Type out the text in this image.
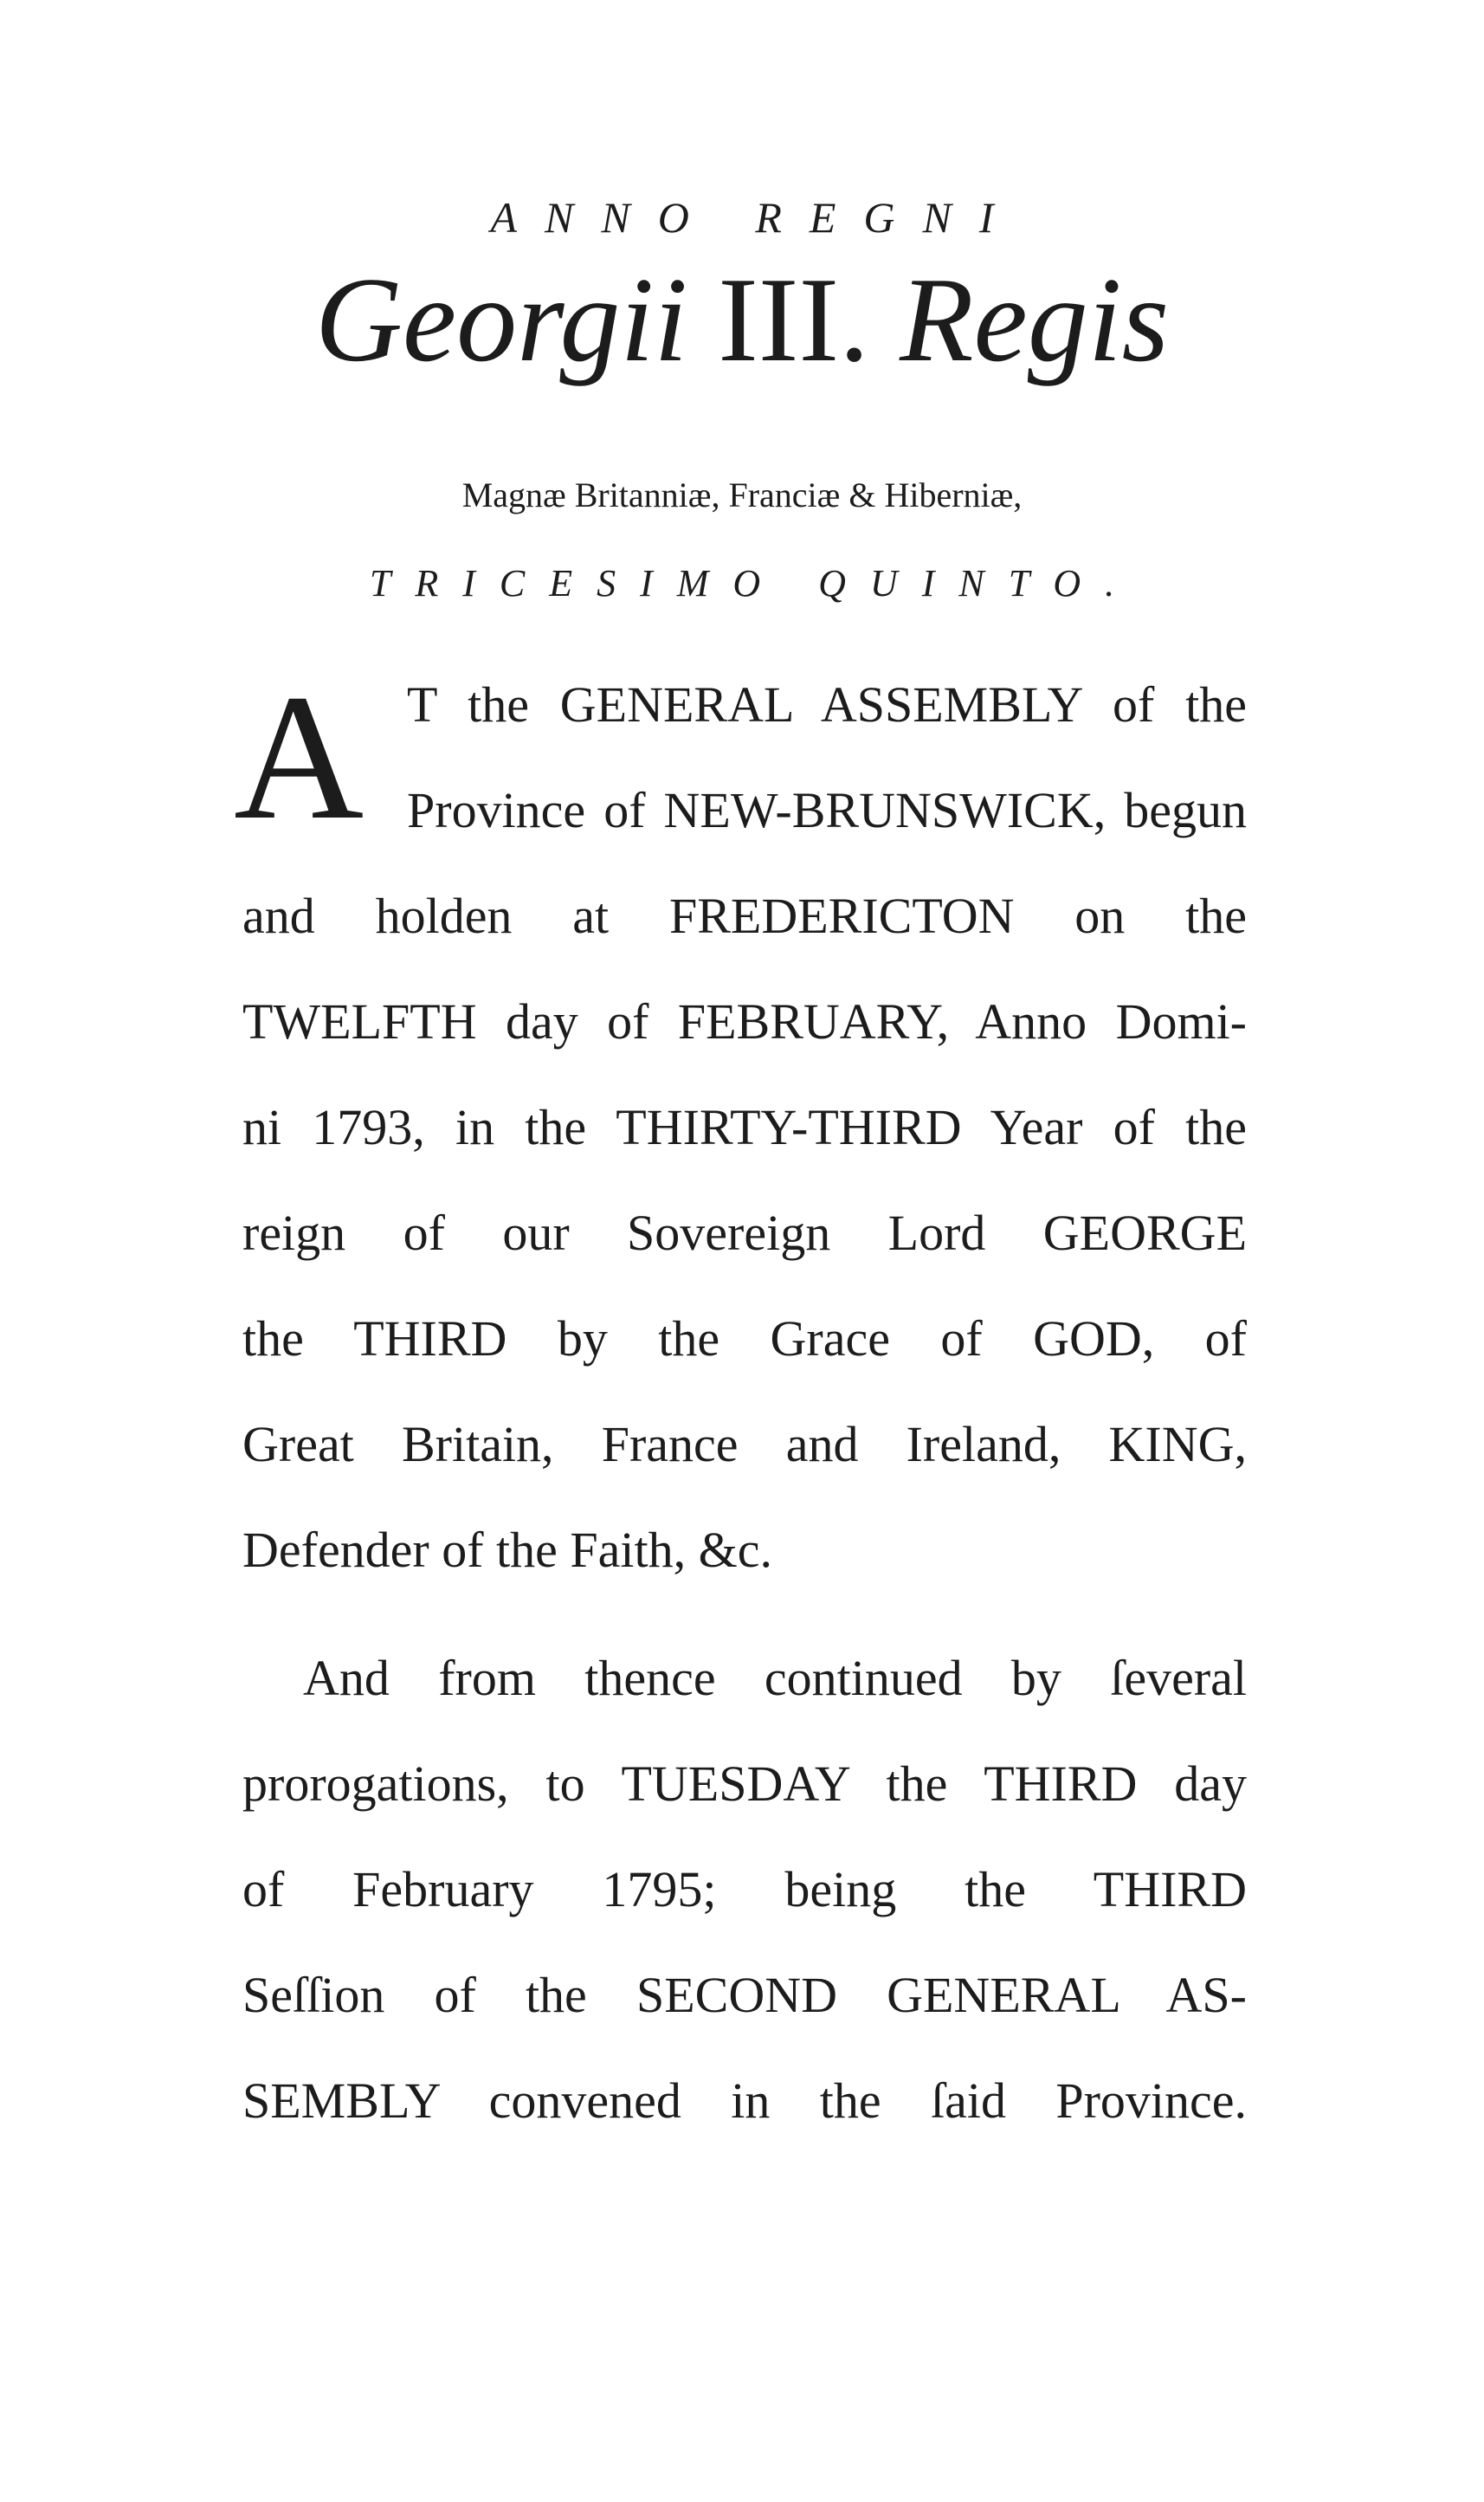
ANNO REGNI
Georgii III. Regis
Magnæ Britanniæ, Franciæ & Hiberniæ,
TRICESIMO QUINTO.
A T the GENERAL ASSEMBLY of the
Province of NEW-BRUNSWICK, begun
and holden at FREDERICTON on the
TWELFTH day of FEBRUARY, Anno Domi-
ni 1793, in the THIRTY-THIRD Year of the
reign of our Sovereign Lord GEORGE
the THIRD by the Grace of GOD, of
Great Britain, France and Ireland, KING,
Defender of the Faith, &c.
And from thence continued by ſeveral
prorogations, to TUESDAY the THIRD day
of February 1795; being the THIRD
Seſſion of the SECOND GENERAL AS-
SEMBLY convened in the ſaid Province.
